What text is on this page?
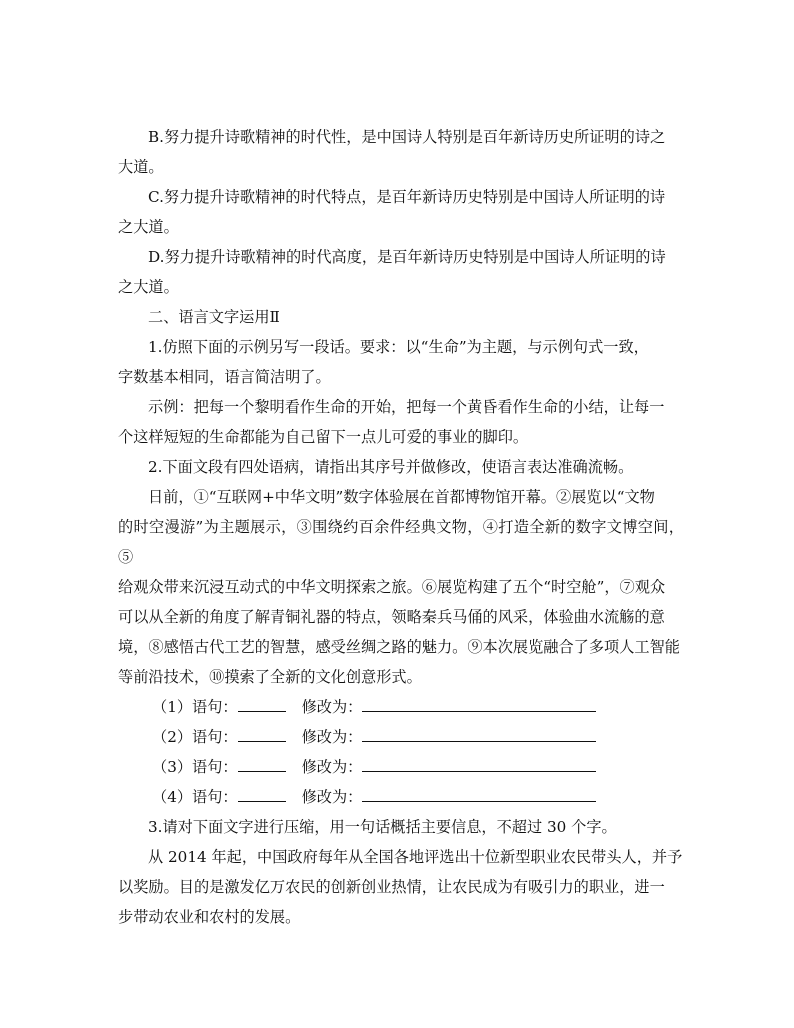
B.努力提升诗歌精神的时代性，是中国诗人特别是百年新诗历史所证明的诗之

大道。

C.努力提升诗歌精神的时代特点，是百年新诗历史特别是中国诗人所证明的诗

之大道。

D.努力提升诗歌精神的时代高度，是百年新诗历史特别是中国诗人所证明的诗

之大道。

二、语言文字运用Ⅱ

1.仿照下面的示例另写一段话。要求：以“生命”为主题，与示例句式一致，

字数基本相同，语言简洁明了。

示例：把每一个黎明看作生命的开始，把每一个黄昏看作生命的小结，让每一

个这样短短的生命都能为自己留下一点儿可爱的事业的脚印。

2.下面文段有四处语病，请指出其序号并做修改，使语言表达准确流畅。

日前，①“互联网+中华文明”数字体验展在首都博物馆开幕。②展览以“文物

的时空漫游”为主题展示，③围绕约百余件经典文物，④打造全新的数字文博空间，⑤

给观众带来沉浸互动式的中华文明探索之旅。⑥展览构建了五个“时空舱”，⑦观众

可以从全新的角度了解青铜礼器的特点，领略秦兵马俑的风采，体验曲水流觞的意

境，⑧感悟古代工艺的智慧，感受丝绸之路的魅力。⑨本次展览融合了多项人工智能

等前沿技术，⑩摸索了全新的文化创意形式。

（1）语句：	修改为：
（2）语句：	修改为：
（3）语句：	修改为：
（4）语句：	修改为：

3.请对下面文字进行压缩，用一句话概括主要信息，不超过 30 个字。

从 2014 年起，中国政府每年从全国各地评选出十位新型职业农民带头人，并予

以奖励。目的是激发亿万农民的创新创业热情，让农民成为有吸引力的职业，进一

步带动农业和农村的发展。
